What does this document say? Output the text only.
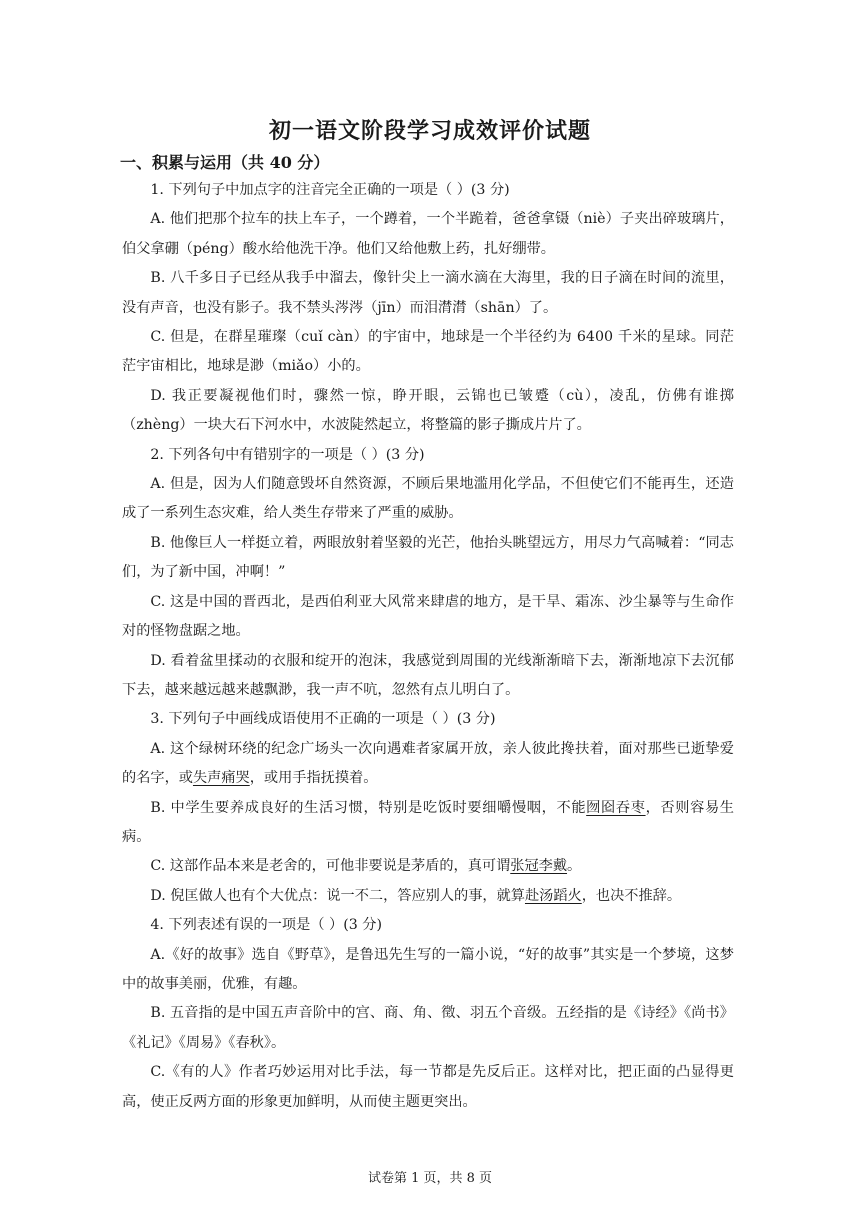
初一语文阶段学习成效评价试题
一、积累与运用（共 40 分）

1. 下列句子中加点字的注音完全正确的一项是（ ）(3 分)

A. 他们把那个拉车的扶上车子，一个蹲着，一个半跪着，爸爸拿镊（niè）子夹出碎玻璃片，伯父拿硼（péng）酸水给他洗干净。他们又给他敷上药，扎好绷带。

B. 八千多日子已经从我手中溜去，像针尖上一滴水滴在大海里，我的日子滴在时间的流里，没有声音，也没有影子。我不禁头涔涔（jīn）而泪潸潸（shān）了。

C. 但是，在群星璀璨（cuǐ càn）的宇宙中，地球是一个半径约为 6400 千米的星球。同茫茫宇宙相比，地球是渺（miǎo）小的。

D. 我正要凝视他们时，骤然一惊，睁开眼，云锦也已皱蹙（cù），凌乱，仿佛有谁掷（zhèng）一块大石下河水中，水波陡然起立，将整篇的影子撕成片片了。

2. 下列各句中有错别字的一项是（ ）(3 分)

A. 但是，因为人们随意毁坏自然资源，不顾后果地滥用化学品，不但使它们不能再生，还造成了一系列生态灾难，给人类生存带来了严重的威胁。

B. 他像巨人一样挺立着，两眼放射着坚毅的光芒，他抬头眺望远方，用尽力气高喊着：“同志们，为了新中国，冲啊！”

C. 这是中国的晋西北，是西伯利亚大风常来肆虐的地方，是干旱、霜冻、沙尘暴等与生命作对的怪物盘踞之地。

D. 看着盆里揉动的衣服和绽开的泡沫，我感觉到周围的光线渐渐暗下去，渐渐地凉下去沉郁下去，越来越远越来越飘渺，我一声不吭，忽然有点儿明白了。

3. 下列句子中画线成语使用不正确的一项是（ ）(3 分)

A. 这个绿树环绕的纪念广场头一次向遇难者家属开放，亲人彼此搀扶着，面对那些已逝挚爱的名字，或失声痛哭，或用手指抚摸着。

B. 中学生要养成良好的生活习惯，特别是吃饭时要细嚼慢咽，不能囫囵吞枣，否则容易生病。

C. 这部作品本来是老舍的，可他非要说是茅盾的，真可谓张冠李戴。

D. 倪匡做人也有个大优点：说一不二，答应别人的事，就算赴汤蹈火，也决不推辞。

4. 下列表述有误的一项是（ ）(3 分)

A.《好的故事》选自《野草》，是鲁迅先生写的一篇小说，“好的故事”其实是一个梦境，这梦中的故事美丽，优雅，有趣。

B. 五音指的是中国五声音阶中的宫、商、角、徵、羽五个音级。五经指的是《诗经》《尚书》《礼记》《周易》《春秋》。

C.《有的人》作者巧妙运用对比手法，每一节都是先反后正。这样对比，把正面的凸显得更高，使正反两方面的形象更加鲜明，从而使主题更突出。

试卷第 1 页，共 8 页
